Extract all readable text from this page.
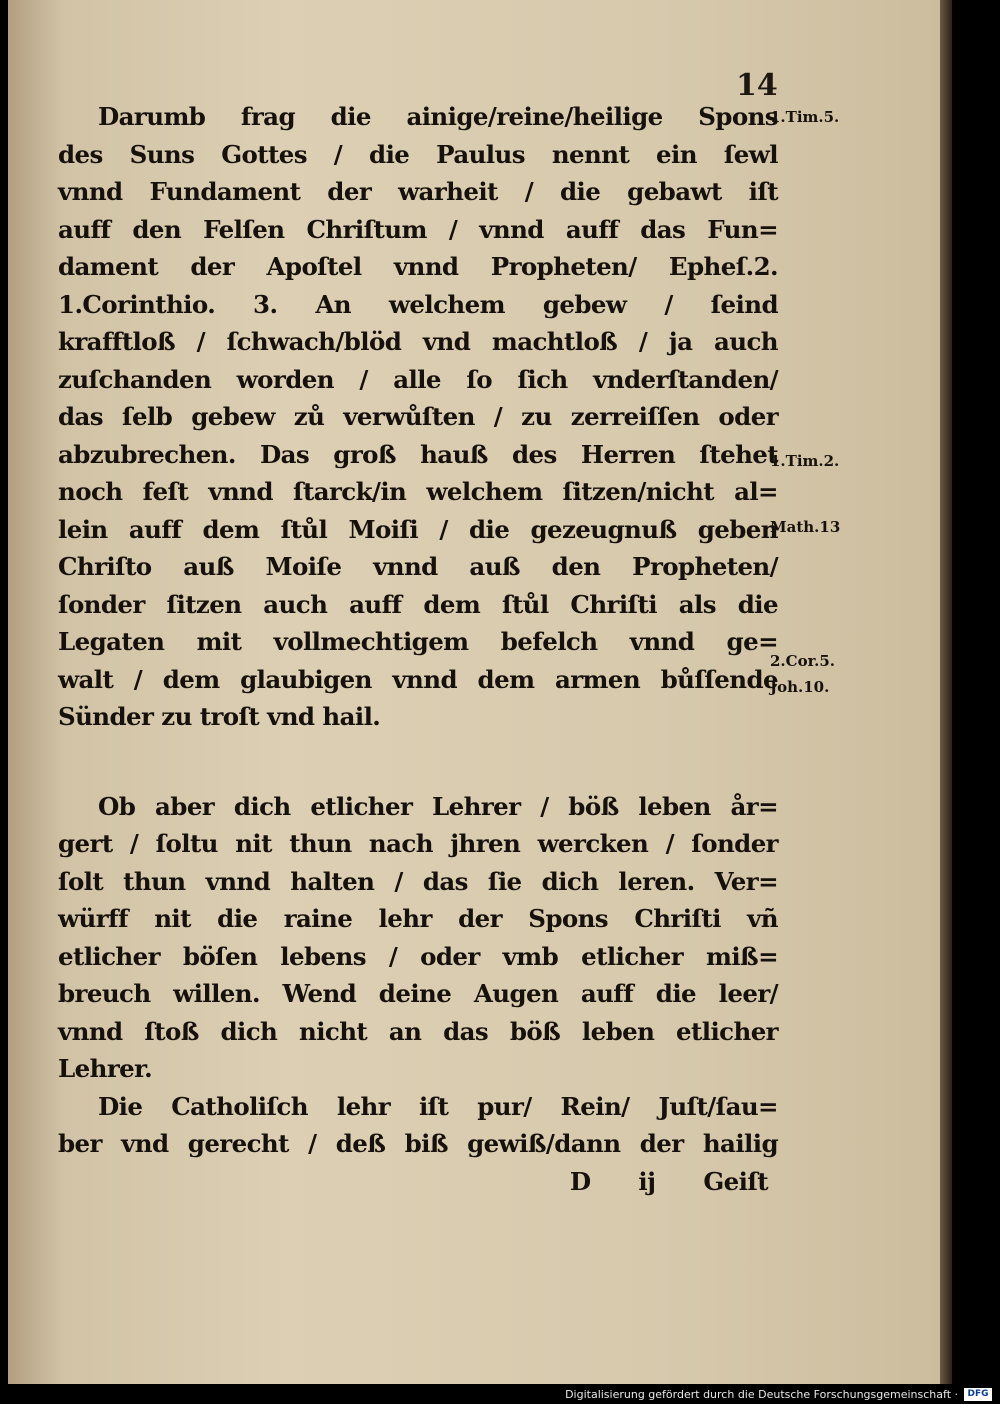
14
Darumb frag die ainige/reine/heilige Spons
des Suns Gottes / die Paulus nennt ein ſewl
vnnd Fundament der warheit / die gebawt iſt
auff den Felſen Chriſtum / vnnd auff das Fun=
dament der Apoſtel vnnd Propheten/ Epheſ.2.
1.Corinthio. 3. An welchem gebew / ſeind
krafftloß / ſchwach/blöd vnd machtloß / ja auch
zuſchanden worden / alle ſo ſich vnderſtanden/
das ſelb gebew zů verwůſten / zu zerreiſſen oder
abzubrechen. Das groß hauß des Herren ſtehet
noch feſt vnnd ſtarck/in welchem ſitzen/nicht al=
lein auff dem ſtůl Moiſi / die gezeugnuß geben
Chriſto auß Moiſe vnnd auß den Propheten/
ſonder ſitzen auch auff dem ſtůl Chriſti als die
Legaten mit vollmechtigem befelch vnnd ge=
walt / dem glaubigen vnnd dem armen bůſſende
Sünder zu troſt vnd hail.
Ob aber dich etlicher Lehrer / böß leben år=
gert / ſoltu nit thun nach jhren wercken / ſonder
ſolt thun vnnd halten / das ſie dich leren. Ver=
würff nit die raine lehr der Spons Chriſti vñ
etlicher böſen lebens / oder vmb etlicher miß=
breuch willen. Wend deine Augen auff die leer/
vnnd ſtoß dich nicht an das böß leben etlicher
Lehrer.
Die Catholiſch lehr iſt pur/ Rein/ Juſt/ſau=
ber vnd gerecht / deß biß gewiß/dann der hailig
D ij Geiſt
1.Tim.5.
1.Tim.2.
Math.13
2.Cor.5.
Joh.10.
Digitalisierung gefördert durch die Deutsche Forschungsgemeinschaft ·	DFG
